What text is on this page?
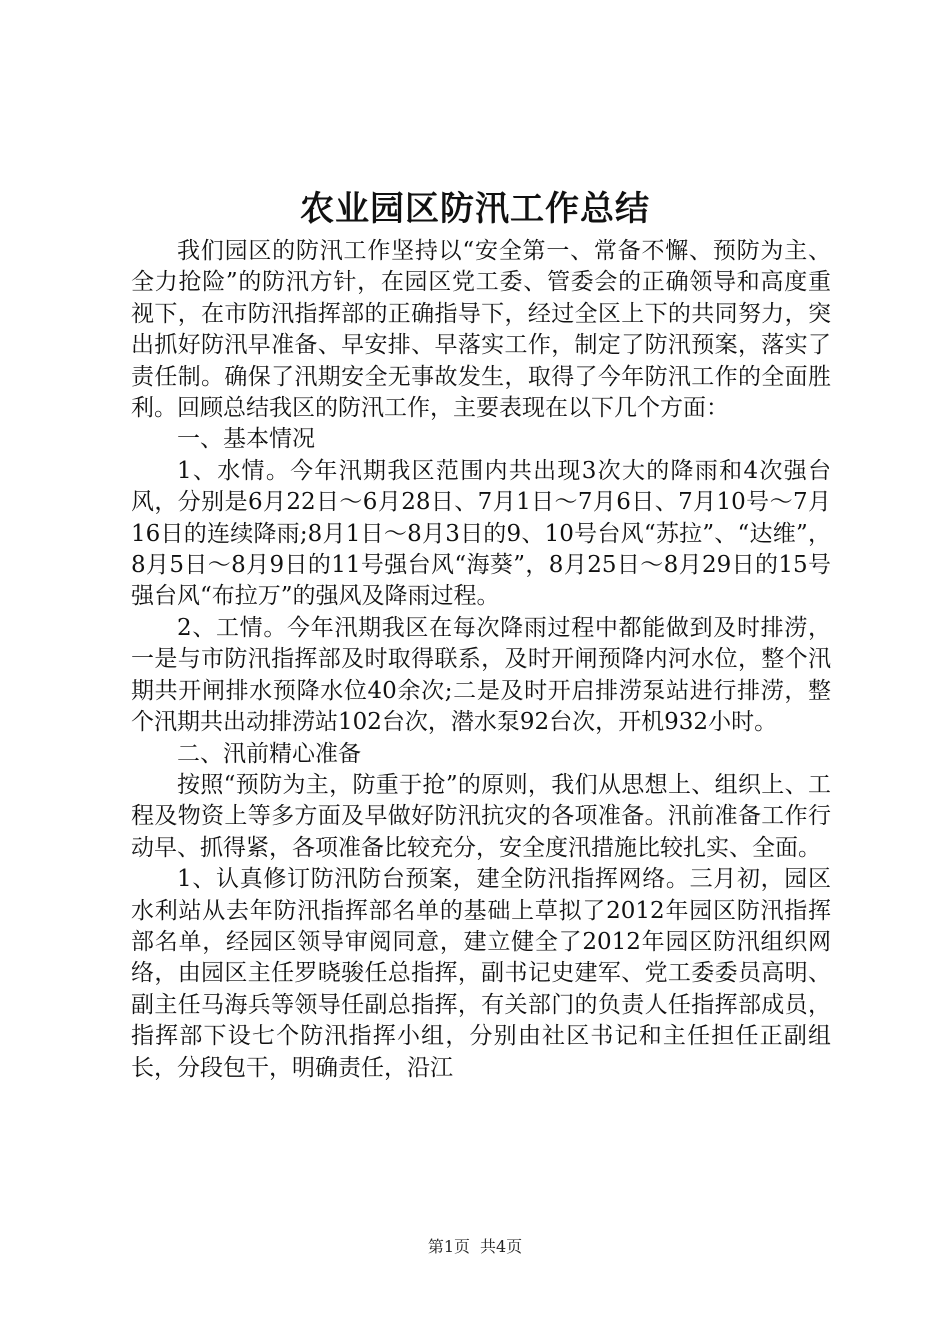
农业园区防汛工作总结

我们园区的防汛工作坚持以“安全第一、常备不懈、预防为主、全力抢险”的防汛方针，在园区党工委、管委会的正确领导和高度重视下，在市防汛指挥部的正确指导下，经过全区上下的共同努力，突出抓好防汛早准备、早安排、早落实工作，制定了防汛预案，落实了责任制。确保了汛期安全无事故发生，取得了今年防汛工作的全面胜利。回顾总结我区的防汛工作，主要表现在以下几个方面：

一、基本情况

1、水情。今年汛期我区范围内共出现3次大的降雨和4次强台风，分别是6月22日～6月28日、7月1日～7月6日、7月10号～7月16日的连续降雨;8月1日～8月3日的9、10号台风“苏拉”、“达维”，8月5日～8月9日的11号强台风“海葵”，8月25日～8月29日的15号强台风“布拉万”的强风及降雨过程。

2、工情。今年汛期我区在每次降雨过程中都能做到及时排涝，一是与市防汛指挥部及时取得联系，及时开闸预降内河水位，整个汛期共开闸排水预降水位40余次;二是及时开启排涝泵站进行排涝，整个汛期共出动排涝站102台次，潜水泵92台次，开机932小时。

二、汛前精心准备

按照“预防为主，防重于抢”的原则，我们从思想上、组织上、工程及物资上等多方面及早做好防汛抗灾的各项准备。汛前准备工作行动早、抓得紧，各项准备比较充分，安全度汛措施比较扎实、全面。

1、认真修订防汛防台预案，建全防汛指挥网络。三月初，园区水利站从去年防汛指挥部名单的基础上草拟了2012年园区防汛指挥部名单，经园区领导审阅同意，建立健全了2012年园区防汛组织网络，由园区主任罗晓骏任总指挥，副书记史建军、党工委委员高明、副主任马海兵等领导任副总指挥，有关部门的负责人任指挥部成员，指挥部下设七个防汛指挥小组，分别由社区书记和主任担任正副组长，分段包干，明确责任，沿江

第1页 共4页
